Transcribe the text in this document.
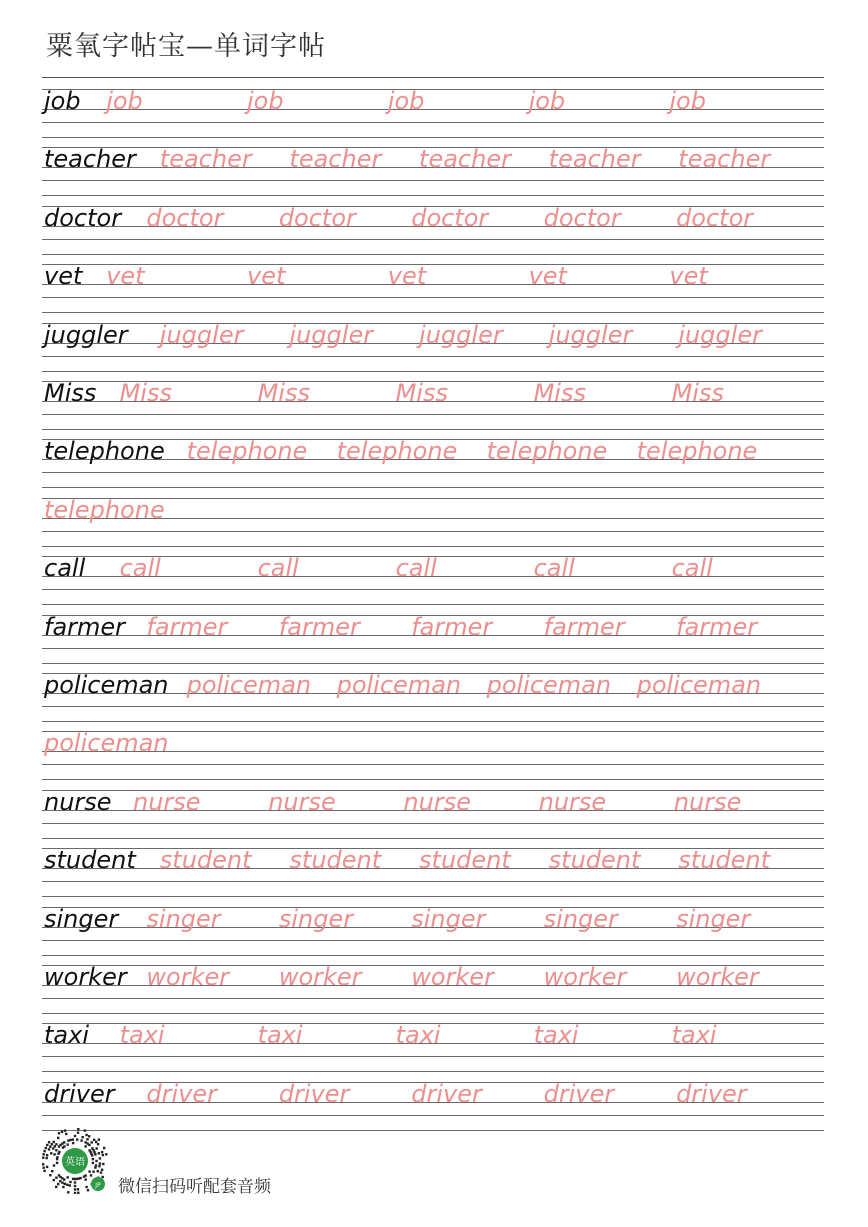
粟氧字帖宝—单词字帖
job job	job	job	job	job
teacher teacher teacher teacher teacher teacher
doctor doctor doctor doctor doctor doctor
vet vet	vet	vet	vet	vet
juggler juggler juggler juggler juggler juggler
Miss Miss	Miss	Miss	Miss	Miss
telephone telephone telephone telephone telephone
telephone
call call	call	call	call	call
farmer farmer farmer farmer farmer farmer
policeman policeman policeman policeman policeman
policeman
nurse nurse	nurse	nurse	nurse	nurse
student student student student student student
singer singer singer singer singer singer
worker worker worker worker worker worker
taxi taxi	taxi	taxi	taxi	taxi
driver driver	driver	driver	driver	driver
英语
JP 微信扫码听配套音频
